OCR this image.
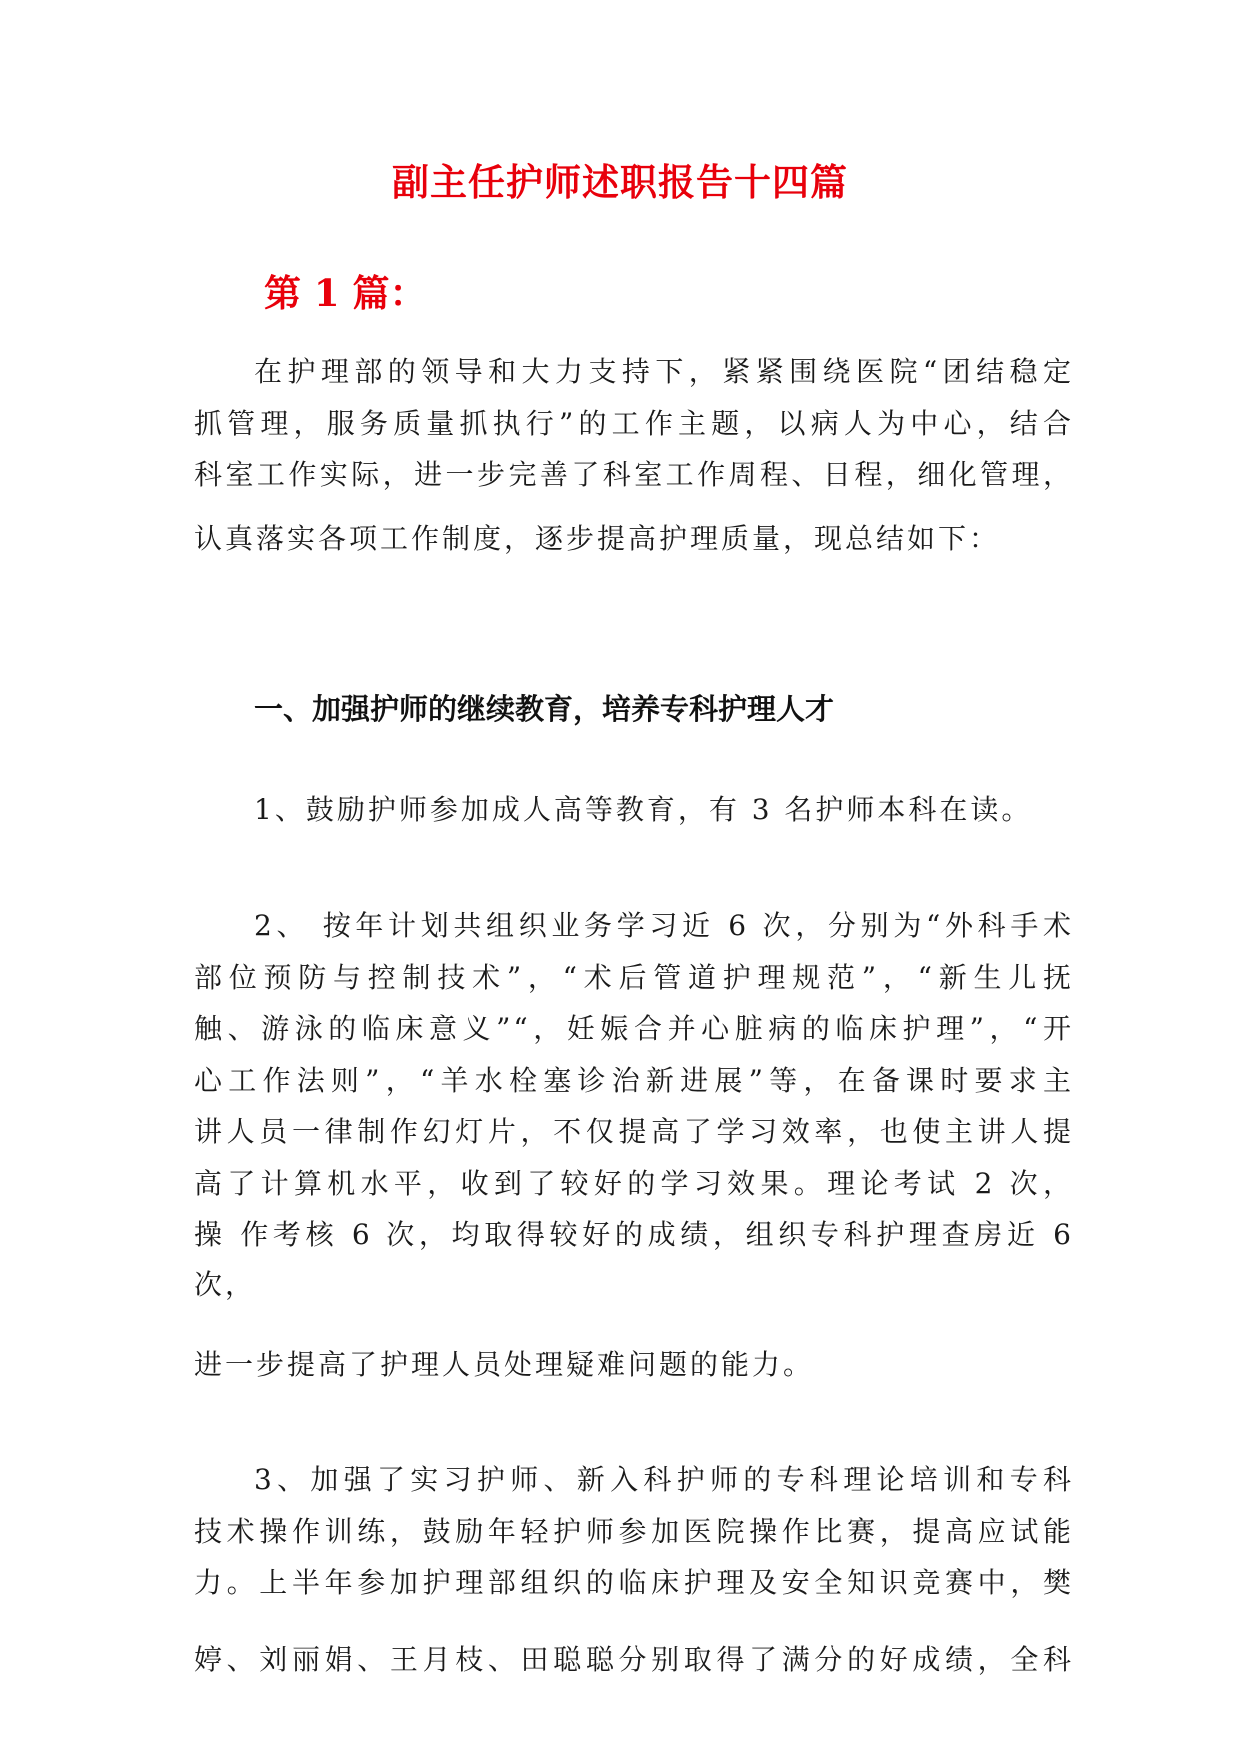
副主任护师述职报告十四篇
第 1 篇：
在护理部的领导和大力支持下，紧紧围绕医院“团结稳定
抓管理，服务质量抓执行”的工作主题，以病人为中心，结合
科室工作实际，进一步完善了科室工作周程、日程，细化管理，
认真落实各项工作制度，逐步提高护理质量，现总结如下：
一、加强护师的继续教育，培养专科护理人才
1、鼓励护师参加成人高等教育，有 3 名护师本科在读。
2、 按年计划共组织业务学习近 6 次，分别为“外科手术
部位预防与控制技术”，“术后管道护理规范”，“新生儿抚
触、游泳的临床意义”“，妊娠合并心脏病的临床护理”，“开
心工作法则”，“羊水栓塞诊治新进展”等，在备课时要求主
讲人员一律制作幻灯片，不仅提高了学习效率，也使主讲人提
高了计算机水平，收到了较好的学习效果。理论考试 2 次，
操 作考核 6 次，均取得较好的成绩，组织专科护理查房近 6
次，
进一步提高了护理人员处理疑难问题的能力。
3、加强了实习护师、新入科护师的专科理论培训和专科
技术操作训练，鼓励年轻护师参加医院操作比赛，提高应试能
力。上半年参加护理部组织的临床护理及安全知识竞赛中，樊
婷、刘丽娟、王月枝、田聪聪分别取得了满分的好成绩，全科
